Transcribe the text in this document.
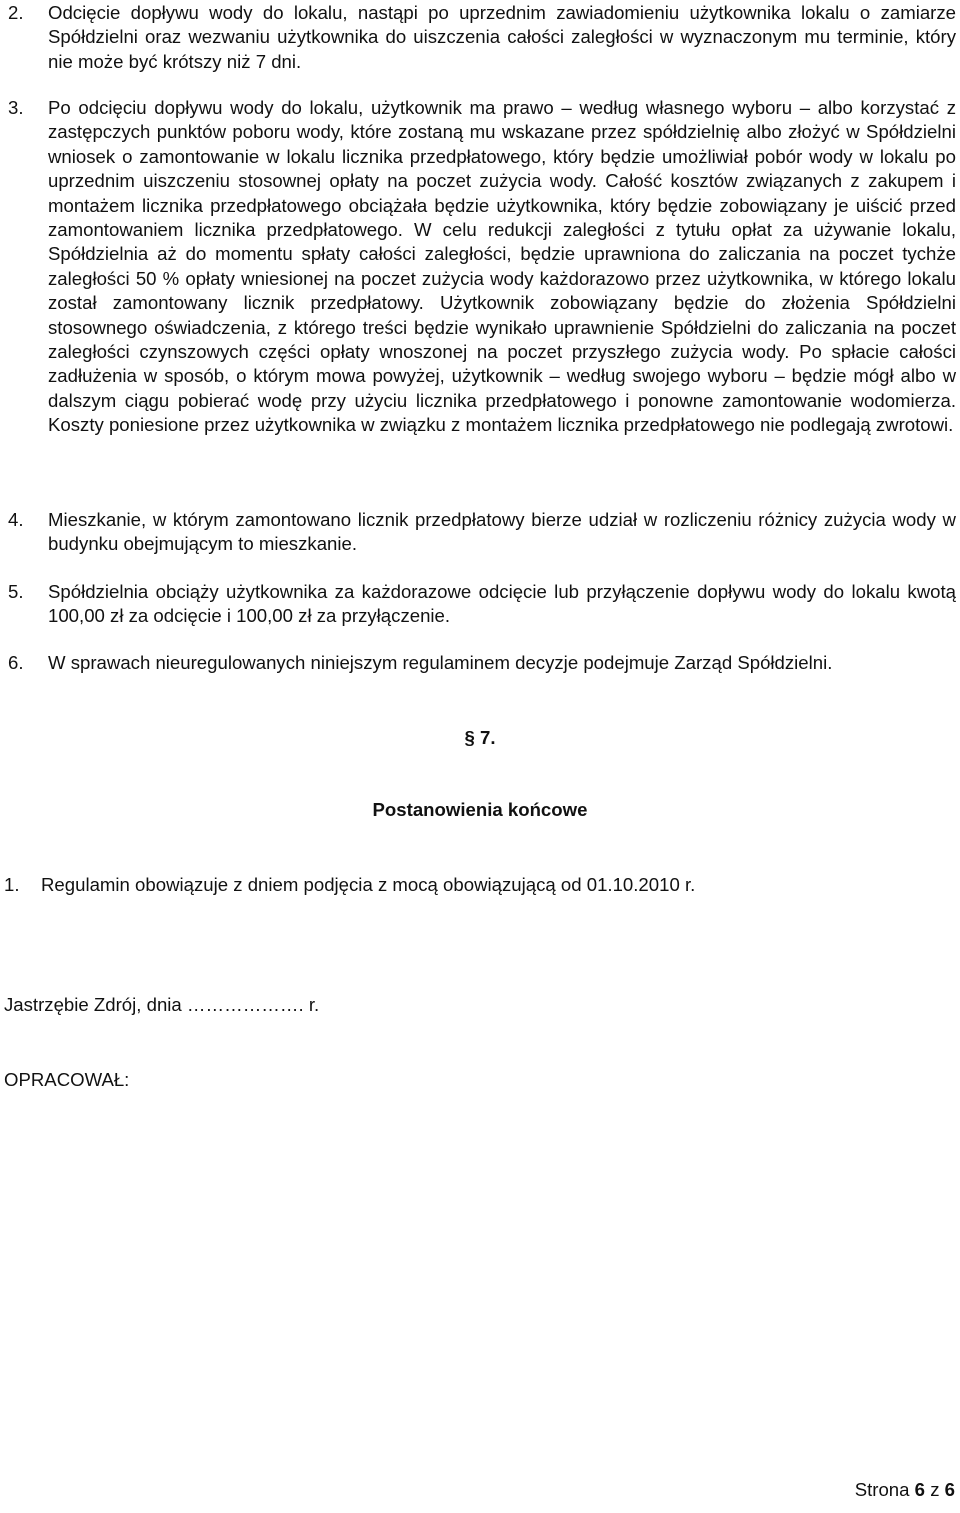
2. Odcięcie dopływu wody do lokalu, nastąpi po uprzednim zawiadomieniu użytkownika lokalu o zamiarze Spółdzielni oraz wezwaniu użytkownika do uiszczenia całości zaległości w wyznaczonym mu terminie, który nie może być krótszy niż 7 dni.
3. Po odcięciu dopływu wody do lokalu, użytkownik ma prawo – według własnego wyboru – albo korzystać z zastępczych punktów poboru wody, które zostaną mu wskazane przez spółdzielnię albo złożyć w Spółdzielni wniosek o zamontowanie w lokalu licznika przedpłatowego, który będzie umożliwiał pobór wody w lokalu po uprzednim uiszczeniu stosownej opłaty na poczet zużycia wody. Całość kosztów związanych z zakupem i montażem licznika przedpłatowego obciążała będzie użytkownika, który będzie zobowiązany je uiścić przed zamontowaniem licznika przedpłatowego. W celu redukcji zaległości z tytułu opłat za używanie lokalu, Spółdzielnia aż do momentu spłaty całości zaległości, będzie uprawniona do zaliczania na poczet tychże zaległości 50 % opłaty wniesionej na poczet zużycia wody każdorazowo przez użytkownika, w którego lokalu został zamontowany licznik przedpłatowy. Użytkownik zobowiązany będzie do złożenia Spółdzielni stosownego oświadczenia, z którego treści będzie wynikało uprawnienie Spółdzielni do zaliczania na poczet zaległości czynszowych części opłaty wnoszonej na poczet przyszłego zużycia wody. Po spłacie całości zadłużenia w sposób, o którym mowa powyżej, użytkownik – według swojego wyboru – będzie mógł albo w dalszym ciągu pobierać wodę przy użyciu licznika przedpłatowego i ponowne zamontowanie wodomierza. Koszty poniesione przez użytkownika w związku z montażem licznika przedpłatowego nie podlegają zwrotowi.
4. Mieszkanie, w którym zamontowano licznik przedpłatowy bierze udział w rozliczeniu różnicy zużycia wody w budynku obejmującym to mieszkanie.
5. Spółdzielnia obciąży użytkownika za każdorazowe odcięcie lub przyłączenie dopływu wody do lokalu kwotą 100,00 zł za odcięcie i 100,00 zł za przyłączenie.
6. W sprawach nieuregulowanych niniejszym regulaminem decyzje podejmuje Zarząd Spółdzielni.
§ 7.
Postanowienia końcowe
1. Regulamin obowiązuje z dniem podjęcia z mocą obowiązującą od 01.10.2010 r.
Jastrzębie Zdrój, dnia ………………. r.
OPRACOWAŁ:
Strona 6 z 6
